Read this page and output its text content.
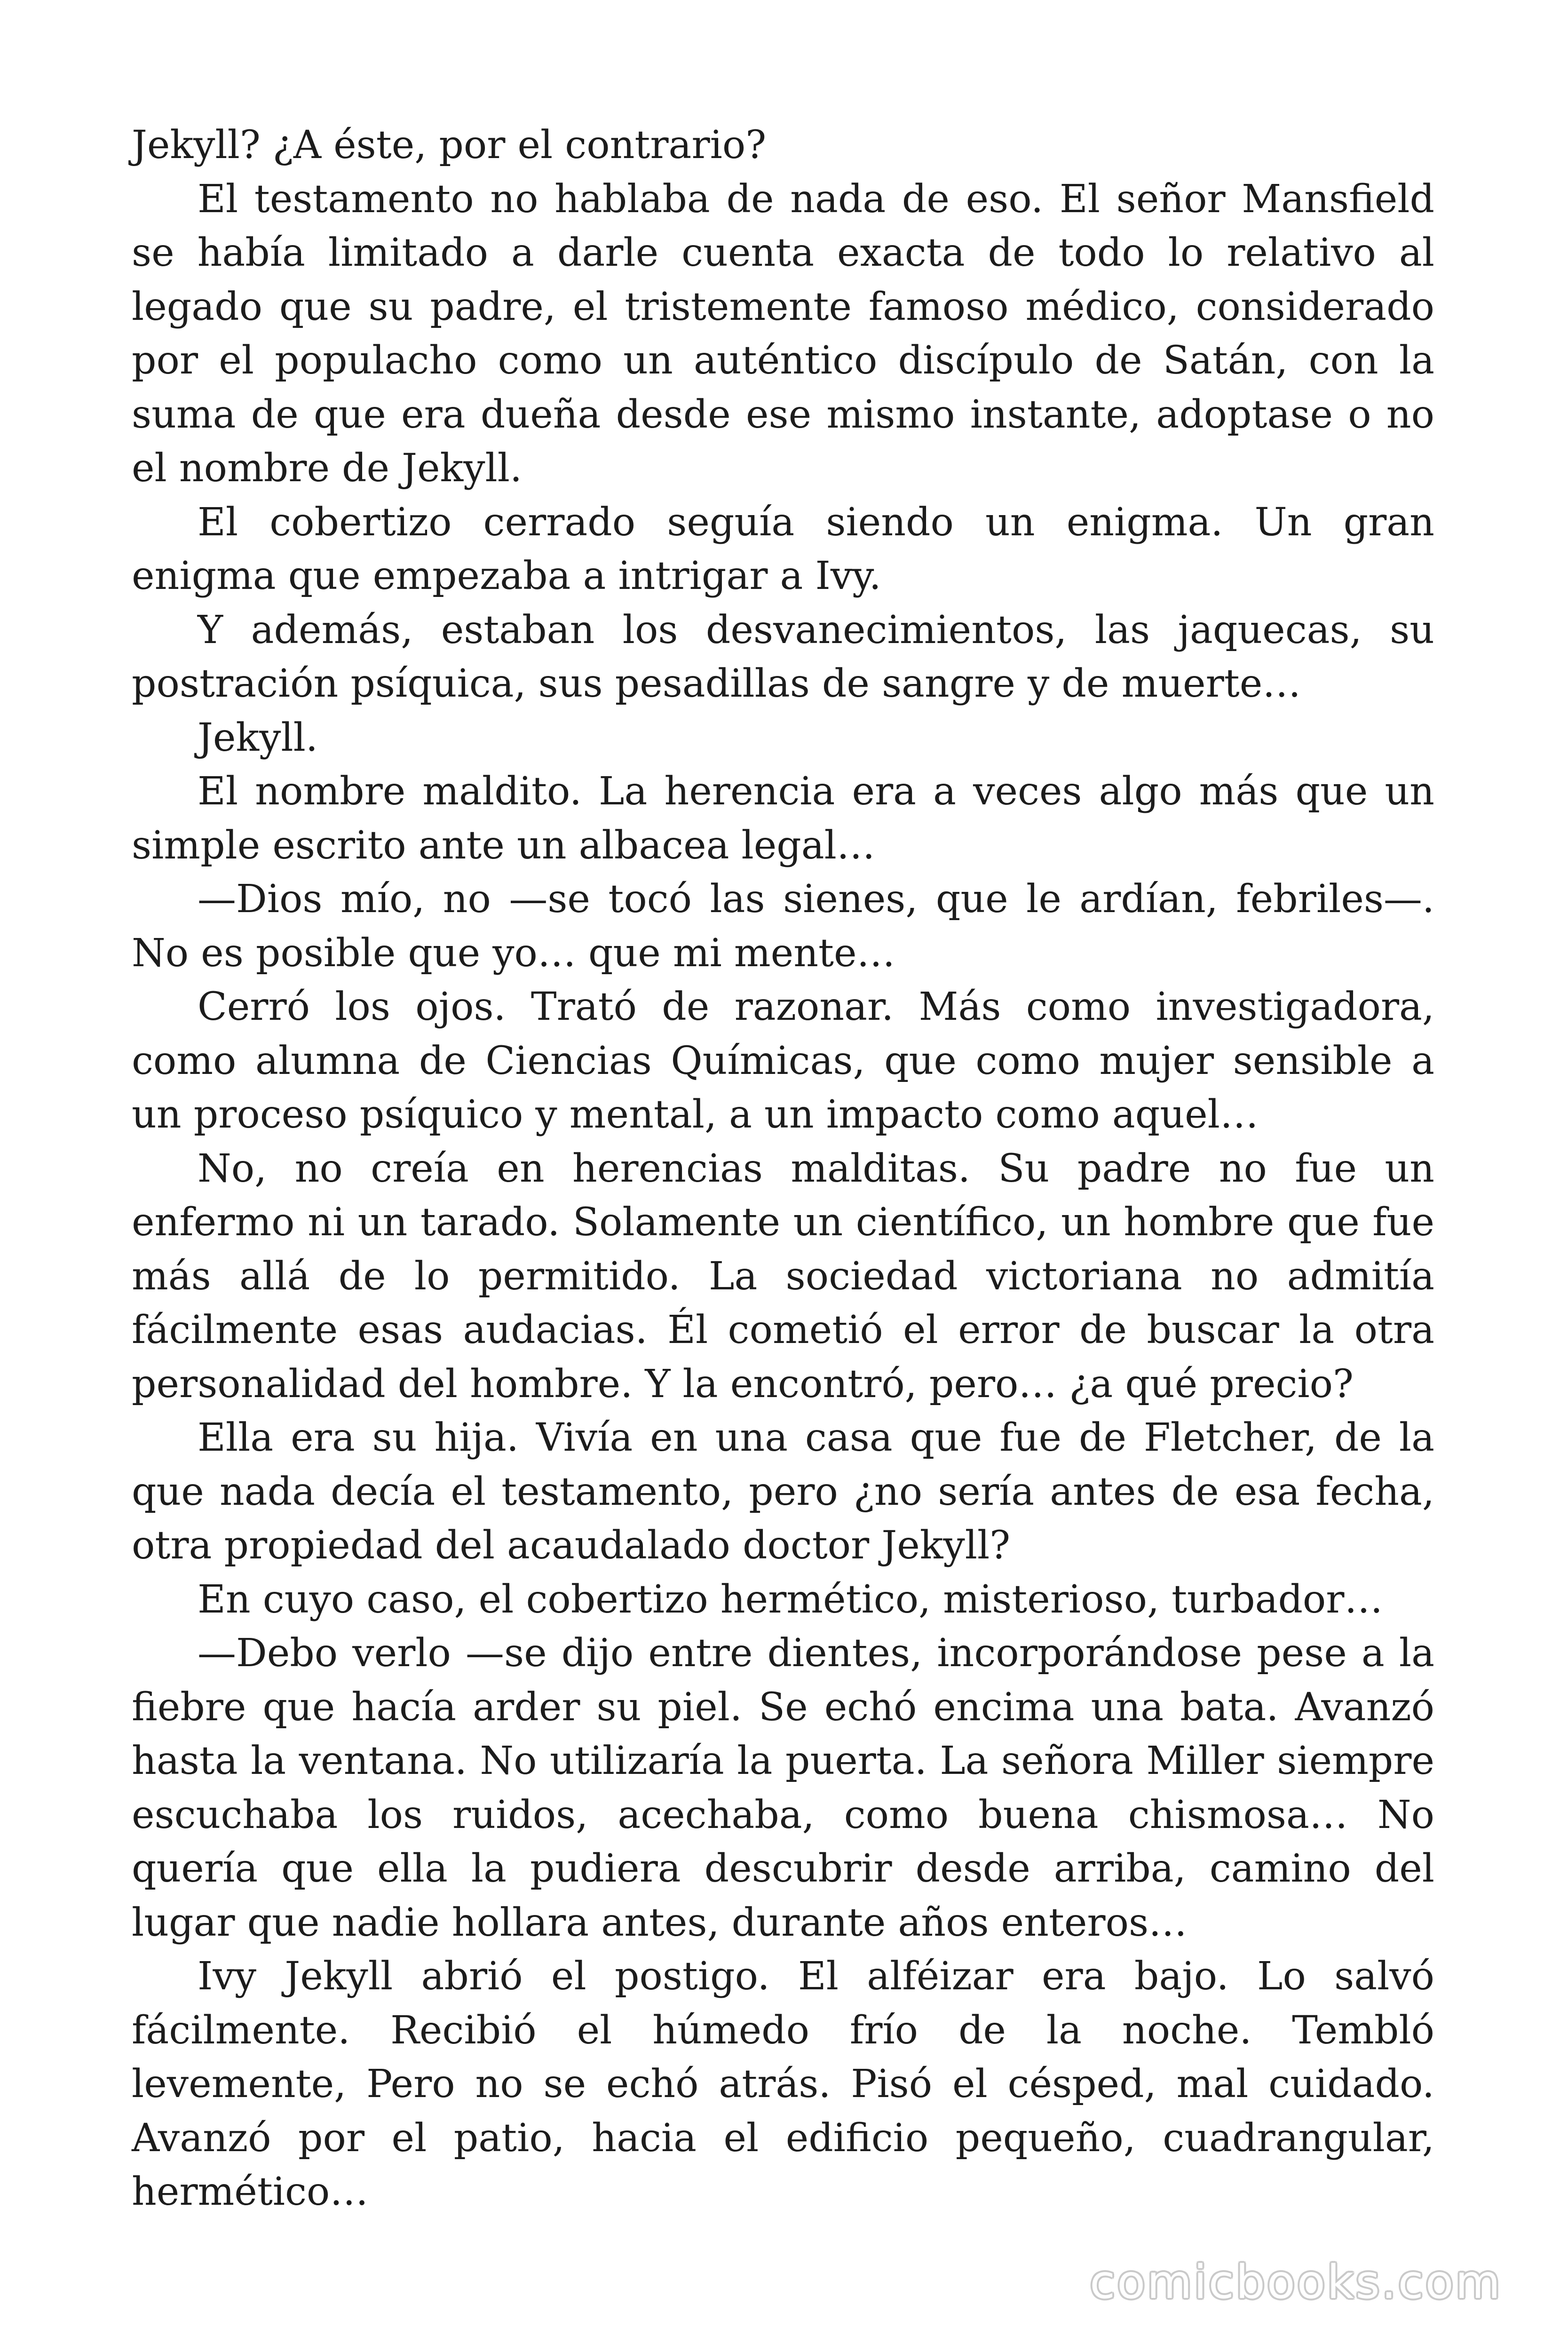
Jekyll? ¿A éste, por el contrario?

El testamento no hablaba de nada de eso. El señor Mansfield se había limitado a darle cuenta exacta de todo lo relativo al legado que su padre, el tristemente famoso médico, considerado por el populacho como un auténtico discípulo de Satán, con la suma de que era dueña desde ese mismo instante, adoptase o no el nombre de Jekyll.

El cobertizo cerrado seguía siendo un enigma. Un gran enigma que empezaba a intrigar a Ivy.

Y además, estaban los desvanecimientos, las jaquecas, su postración psíquica, sus pesadillas de sangre y de muerte…

Jekyll.

El nombre maldito. La herencia era a veces algo más que un simple escrito ante un albacea legal…

—Dios mío, no —se tocó las sienes, que le ardían, febriles—. No es posible que yo… que mi mente…

Cerró los ojos. Trató de razonar. Más como investigadora, como alumna de Ciencias Químicas, que como mujer sensible a un proceso psíquico y mental, a un impacto como aquel…

No, no creía en herencias malditas. Su padre no fue un enfermo ni un tarado. Solamente un científico, un hombre que fue más allá de lo permitido. La sociedad victoriana no admitía fácilmente esas audacias. Él cometió el error de buscar la otra personalidad del hombre. Y la encontró, pero… ¿a qué precio?

Ella era su hija. Vivía en una casa que fue de Fletcher, de la que nada decía el testamento, pero ¿no sería antes de esa fecha, otra propiedad del acaudalado doctor Jekyll?

En cuyo caso, el cobertizo hermético, misterioso, turbador…

—Debo verlo —se dijo entre dientes, incorporándose pese a la fiebre que hacía arder su piel. Se echó encima una bata. Avanzó hasta la ventana. No utilizaría la puerta. La señora Miller siempre escuchaba los ruidos, acechaba, como buena chismosa… No quería que ella la pudiera descubrir desde arriba, camino del lugar que nadie hollara antes, durante años enteros…

Ivy Jekyll abrió el postigo. El alféizar era bajo. Lo salvó fácilmente. Recibió el húmedo frío de la noche. Tembló levemente, Pero no se echó atrás. Pisó el césped, mal cuidado. Avanzó por el patio, hacia el edificio pequeño, cuadrangular, hermético…

comicbooks.com
